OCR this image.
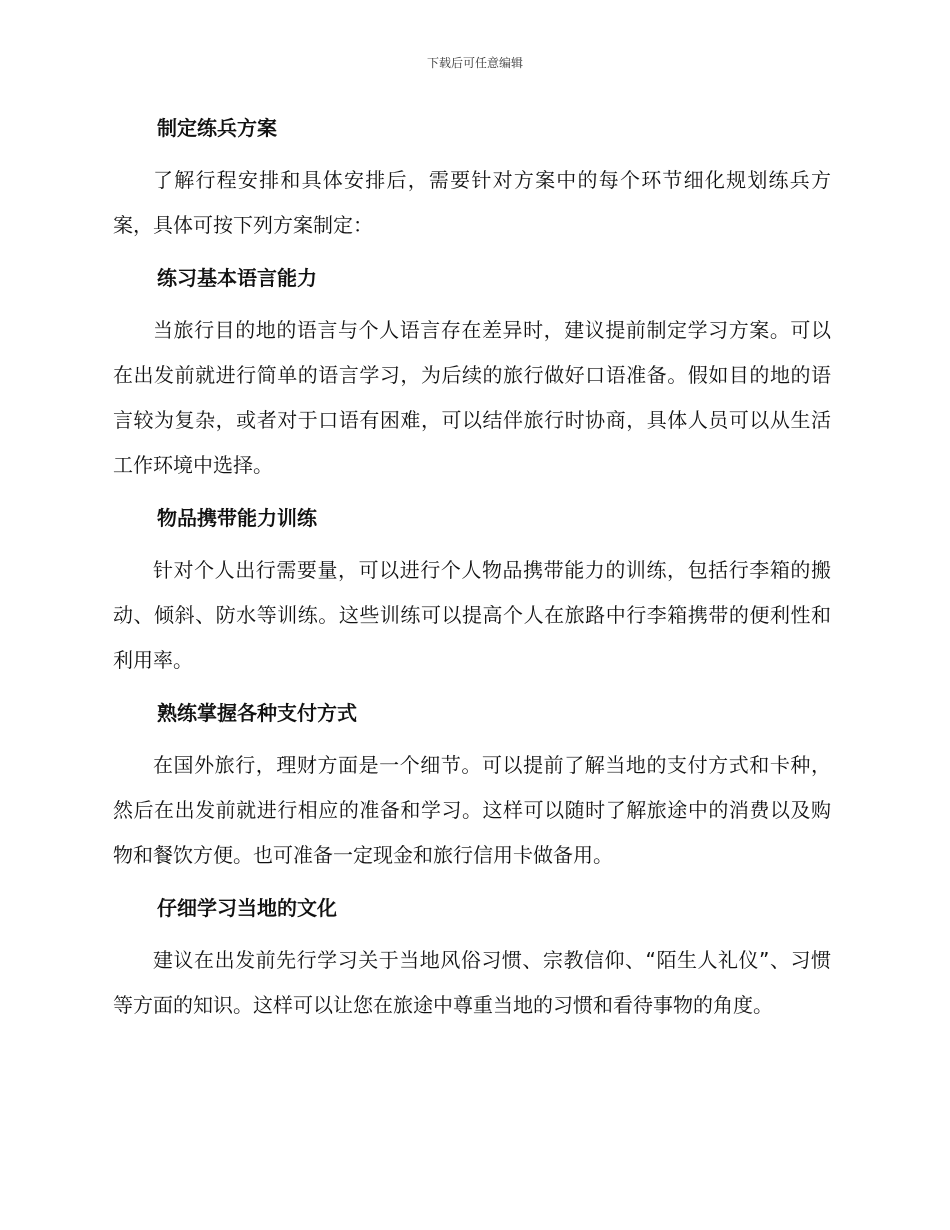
下载后可任意编辑
制定练兵方案

了解行程安排和具体安排后，需要针对方案中的每个环节细化规划练兵方案，具体可按下列方案制定：

练习基本语言能力

当旅行目的地的语言与个人语言存在差异时，建议提前制定学习方案。可以在出发前就进行简单的语言学习，为后续的旅行做好口语准备。假如目的地的语言较为复杂，或者对于口语有困难，可以结伴旅行时协商，具体人员可以从生活工作环境中选择。

物品携带能力训练

针对个人出行需要量，可以进行个人物品携带能力的训练，包括行李箱的搬动、倾斜、防水等训练。这些训练可以提高个人在旅路中行李箱携带的便利性和利用率。

熟练掌握各种支付方式

在国外旅行，理财方面是一个细节。可以提前了解当地的支付方式和卡种，然后在出发前就进行相应的准备和学习。这样可以随时了解旅途中的消费以及购物和餐饮方便。也可准备一定现金和旅行信用卡做备用。

仔细学习当地的文化

建议在出发前先行学习关于当地风俗习惯、宗教信仰、“陌生人礼仪”、习惯等方面的知识。这样可以让您在旅途中尊重当地的习惯和看待事物的角度。
